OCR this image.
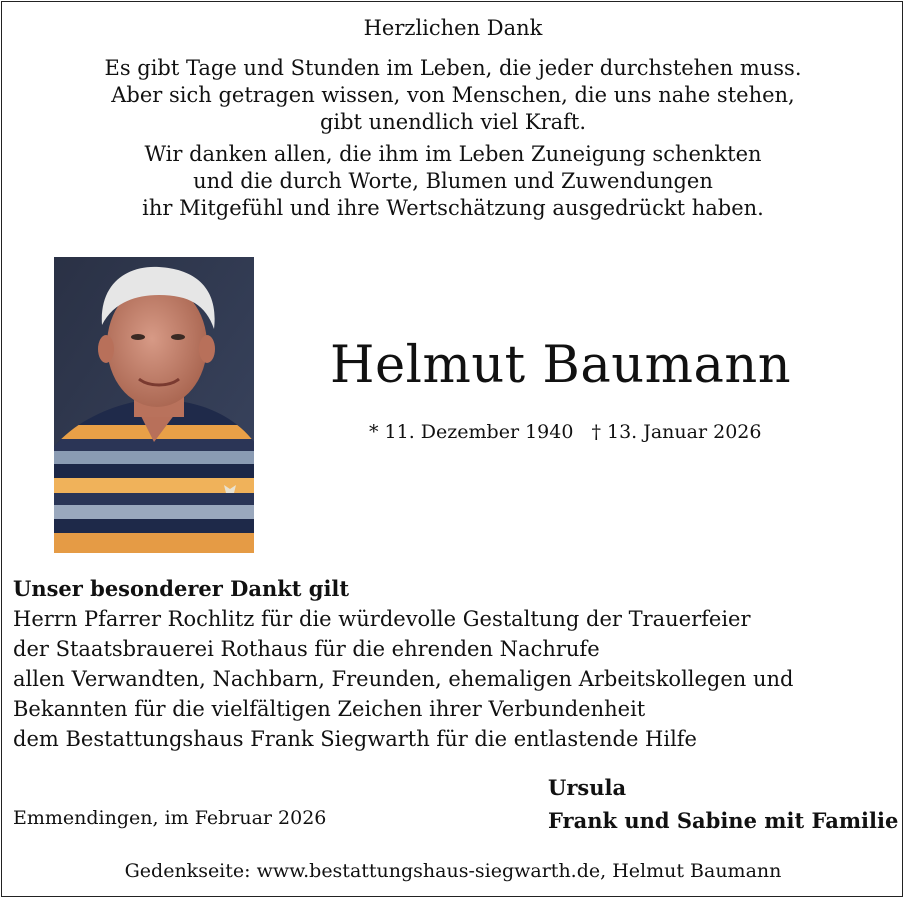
Herzlichen Dank

Es gibt Tage und Stunden im Leben, die jeder durchstehen muss.
Aber sich getragen wissen, von Menschen, die uns nahe stehen,
gibt unendlich viel Kraft.

Wir danken allen, die ihm im Leben Zuneigung schenkten
und die durch Worte, Blumen und Zuwendungen
ihr Mitgefühl und ihre Wertschätzung ausgedrückt haben.

Helmut Baumann
* 11. Dezember 1940 † 13. Januar 2026
Unser besonderer Dankt gilt
Herrn Pfarrer Rochlitz für die würdevolle Gestaltung der Trauerfeier
der Staatsbrauerei Rothaus für die ehrenden Nachrufe
allen Verwandten, Nachbarn, Freunden, ehemaligen Arbeitskollegen und
Bekannten für die vielfältigen Zeichen ihrer Verbundenheit
dem Bestattungshaus Frank Siegwarth für die entlastende Hilfe
Emmendingen, im Februar 2026
Ursula
Frank und Sabine mit Familie
Gedenkseite: www.bestattungshaus-siegwarth.de, Helmut Baumann
